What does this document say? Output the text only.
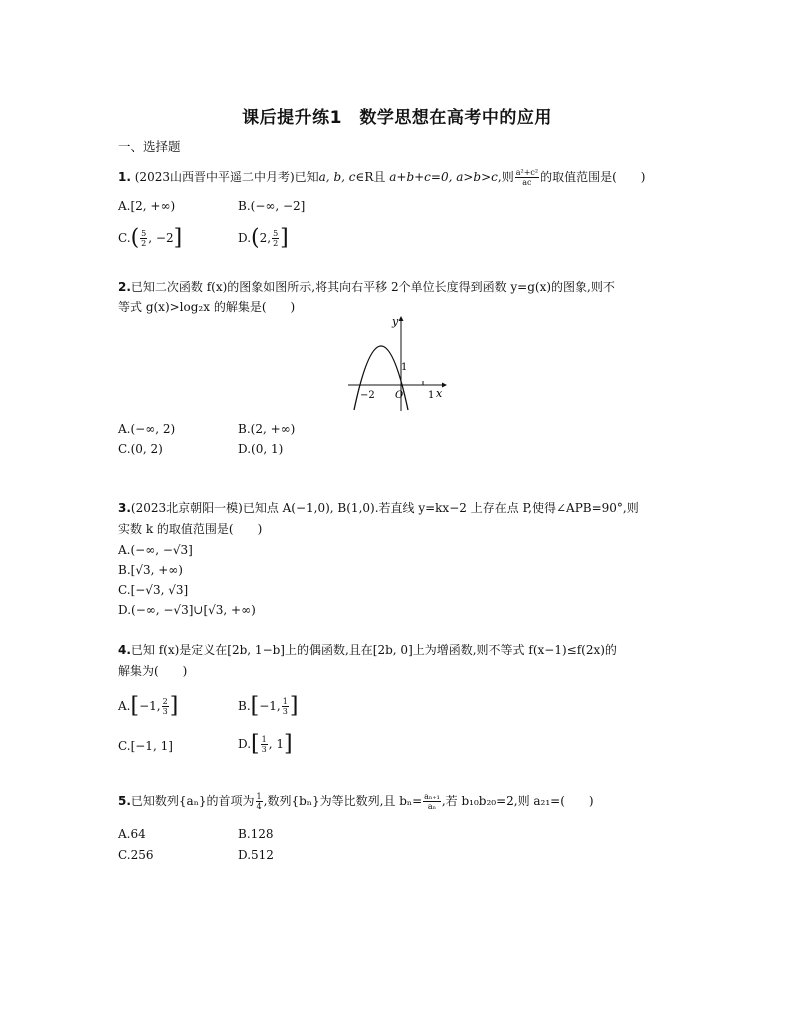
课后提升练1　数学思想在高考中的应用
一、选择题
1. (2023山西晋中平遥二中月考)已知a, b, c∈R且 a+b+c=0, a>b>c,则 $\frac{\text{a²+c²}}{ac}$ 的取值范围是(　　)
A.[2, +∞)	B.(−∞, −2]
$C.( \frac{5}{2}$ , −2]	D.(2, $\frac{5}{2}$ ]
2.已知二次函数 f(x)的图象如图所示,将其向右平移 2个单位长度得到函数 y=g(x)的图象,则不
等式 g(x)>log₂x 的解集是(　　)
y
x
−2 O 1
1
A.(−∞, 2)	B.(2, +∞)
C.(0, 2)	D.(0, 1)
3.(2023北京朝阳一模)已知点 A(−1,0), B(1,0).若直线 y=kx−2 上存在点 P,使得∠APB=90°,则
实数 k 的取值范围是(　　)
A.(−∞, −√3]
B.[√3, +∞)
C.[−√3, √3]
D.(−∞, −√3]∪[√3, +∞)
4.已知 f(x)是定义在[2b, 1−b]上的偶函数,且在[2b, 0]上为增函数,则不等式 f(x−1)≤f(2x)的
解集为(　　)
A.[−1, $\frac{2}{3}$ ]	B.[−1, $\frac{1}{3}$ ]
C.[−1, 1]	$D.[ \frac{1}{3}$ , 1]
5.已知数列{aₙ}的首项为 $\frac{1}{4}$ ,数列{bₙ}为等比数列,且 $b_n= \frac{\text{aₙ₊₁}}{\text{aₙ}}$ ,若 b₁₀b₂₀=2,则 a₂₁=(　　)
A.64	B.128
C.256	D.512
